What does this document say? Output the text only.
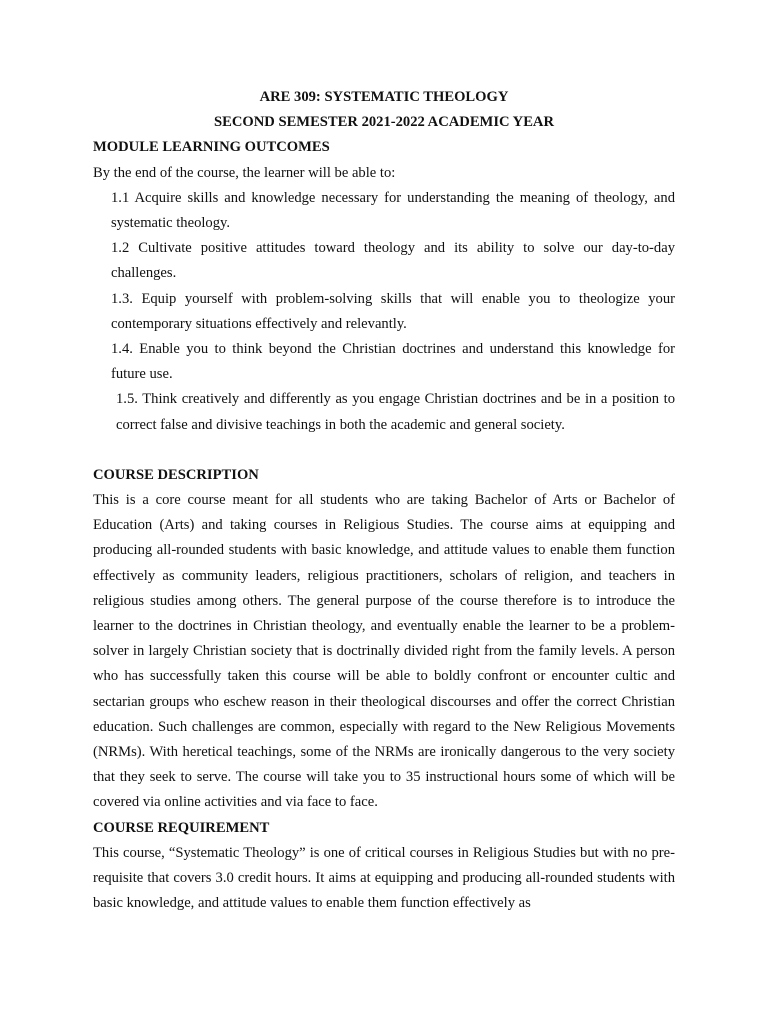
ARE 309: SYSTEMATIC THEOLOGY

SECOND SEMESTER 2021-2022 ACADEMIC YEAR

MODULE LEARNING OUTCOMES

By the end of the course, the learner will be able to:

1.1 Acquire skills and knowledge necessary for understanding the meaning of theology, and systematic theology.

1.2 Cultivate positive attitudes toward theology and its ability to solve our day-to-day challenges.

1.3. Equip yourself with problem-solving skills that will enable you to theologize your contemporary situations effectively and relevantly.

1.4. Enable you to think beyond the Christian doctrines and understand this knowledge for future use.

1.5. Think creatively and differently as you engage Christian doctrines and be in a position to correct false and divisive teachings in both the academic and general society.

COURSE DESCRIPTION

This is a core course meant for all students who are taking Bachelor of Arts or Bachelor of Education (Arts) and taking courses in Religious Studies. The course aims at equipping and producing all-rounded students with basic knowledge, and attitude values to enable them function effectively as community leaders, religious practitioners, scholars of religion, and teachers in religious studies among others. The general purpose of the course therefore is to introduce the learner to the doctrines in Christian theology, and eventually enable the learner to be a problem-solver in largely Christian society that is doctrinally divided right from the family levels. A person who has successfully taken this course will be able to boldly confront or encounter cultic and sectarian groups who eschew reason in their theological discourses and offer the correct Christian education. Such challenges are common, especially with regard to the New Religious Movements (NRMs). With heretical teachings, some of the NRMs are ironically dangerous to the very society that they seek to serve. The course will take you to 35 instructional hours some of which will be covered via online activities and via face to face.

COURSE REQUIREMENT

This course, “Systematic Theology” is one of critical courses in Religious Studies but with no pre-requisite that covers 3.0 credit hours. It aims at equipping and producing all-rounded students with basic knowledge, and attitude values to enable them function effectively as
